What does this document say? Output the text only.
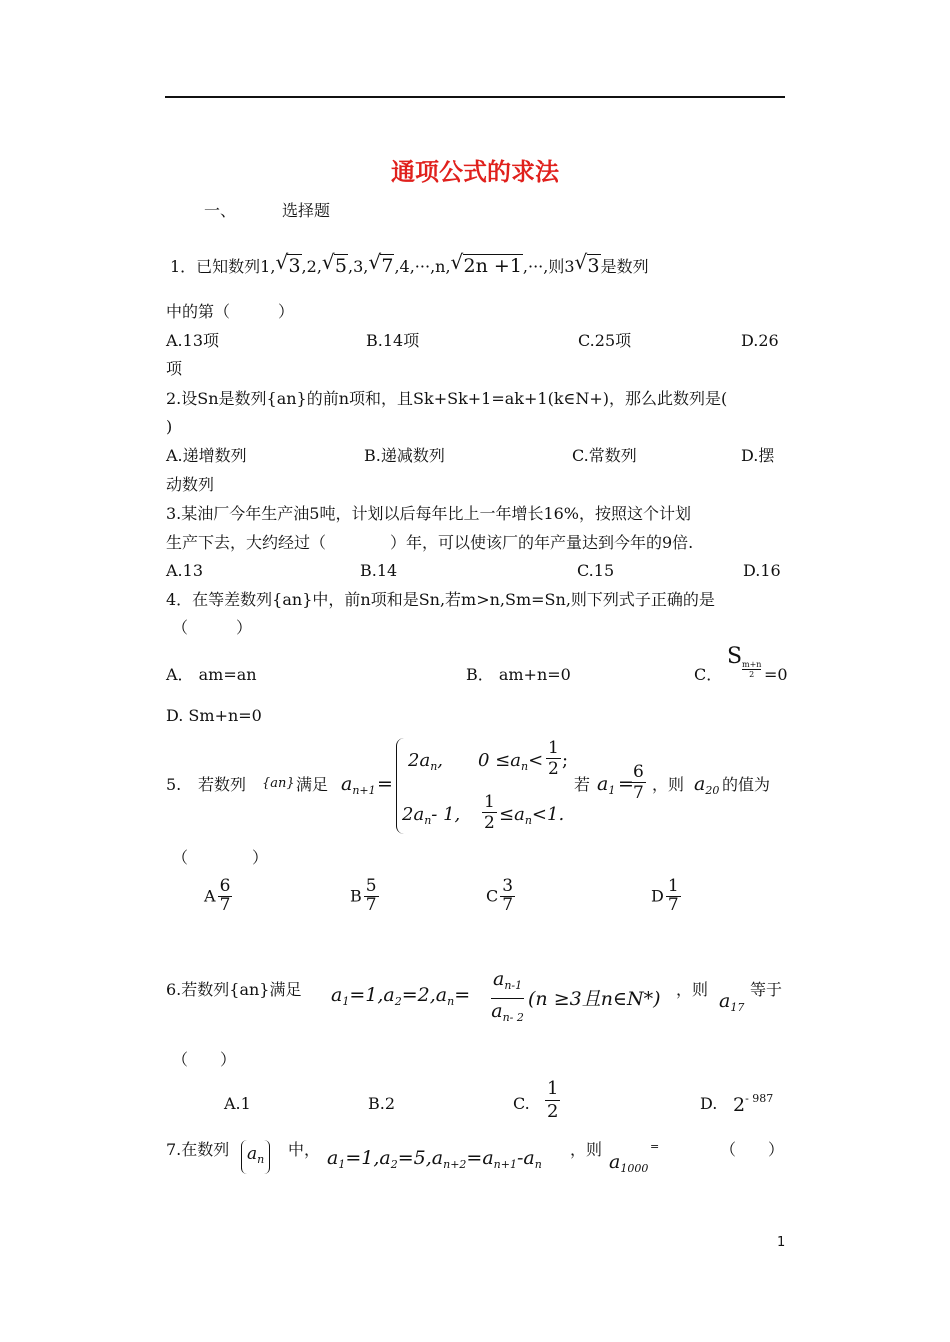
通项公式的求法
一、	选择题
1．已知数列1, √ 3,2, √ 5,3, √ 7,4,···,n, √ 2n +1,···,则3 √ 3是数列
中的第（　　　）
A.13项	B.14项	C.25项	D.26
项
2.设Sn是数列{an}的前n项和，且Sk+Sk+1=ak+1(k∈N+)，那么此数列是(
)
A.递增数列	B.递减数列	C.常数列	D.摆
动数列
3.某油厂今年生产油5吨，计划以后每年比上一年增长16%，按照这个计划
生产下去，大约经过（　　　　）年，可以使该厂的年产量达到今年的9倍.
A.13	B.14	C.15	D.16
4．在等差数列{an}中，前n项和是Sn,若m>n,Sm=Sn,则下列式子正确的是
（　　　）
A． am=an	B． am+n=0	C．
S
$\frac{m+n}{2} =0$
D. Sm+n=0
5. 若数列 {an} 满足 $a_{n+1}$ =
$2a_n$, $0 \le a_n<$
1
2 ;
$2a_n-$ 1,
1
$2 \le a_n<1$.
若 $a_1$ =
6
7 ，则 $a_{20}$ 的值为
（　　　　）
A $\frac{6}{7}$	B $\frac{5}{7}$	C $\frac{3}{7}$	D $\frac{1}{7}$
6.若数列{an}满足 $a_1=1,a_2=2,a_n=$
$a_{n-1}$
$a_{n- 2}$
(n ≥3且n∈N*) ，则
$a_{17}$
等于
（　　）
A.1	B.2	C.
1
2	D. $2^{- 987}$
7.在数列	$a_n$
中， $a_1=1,a_2=5,a_{n+2}=a_{n+1}-a_n$
，则
$a_{1000}$
=	（　　）
1
